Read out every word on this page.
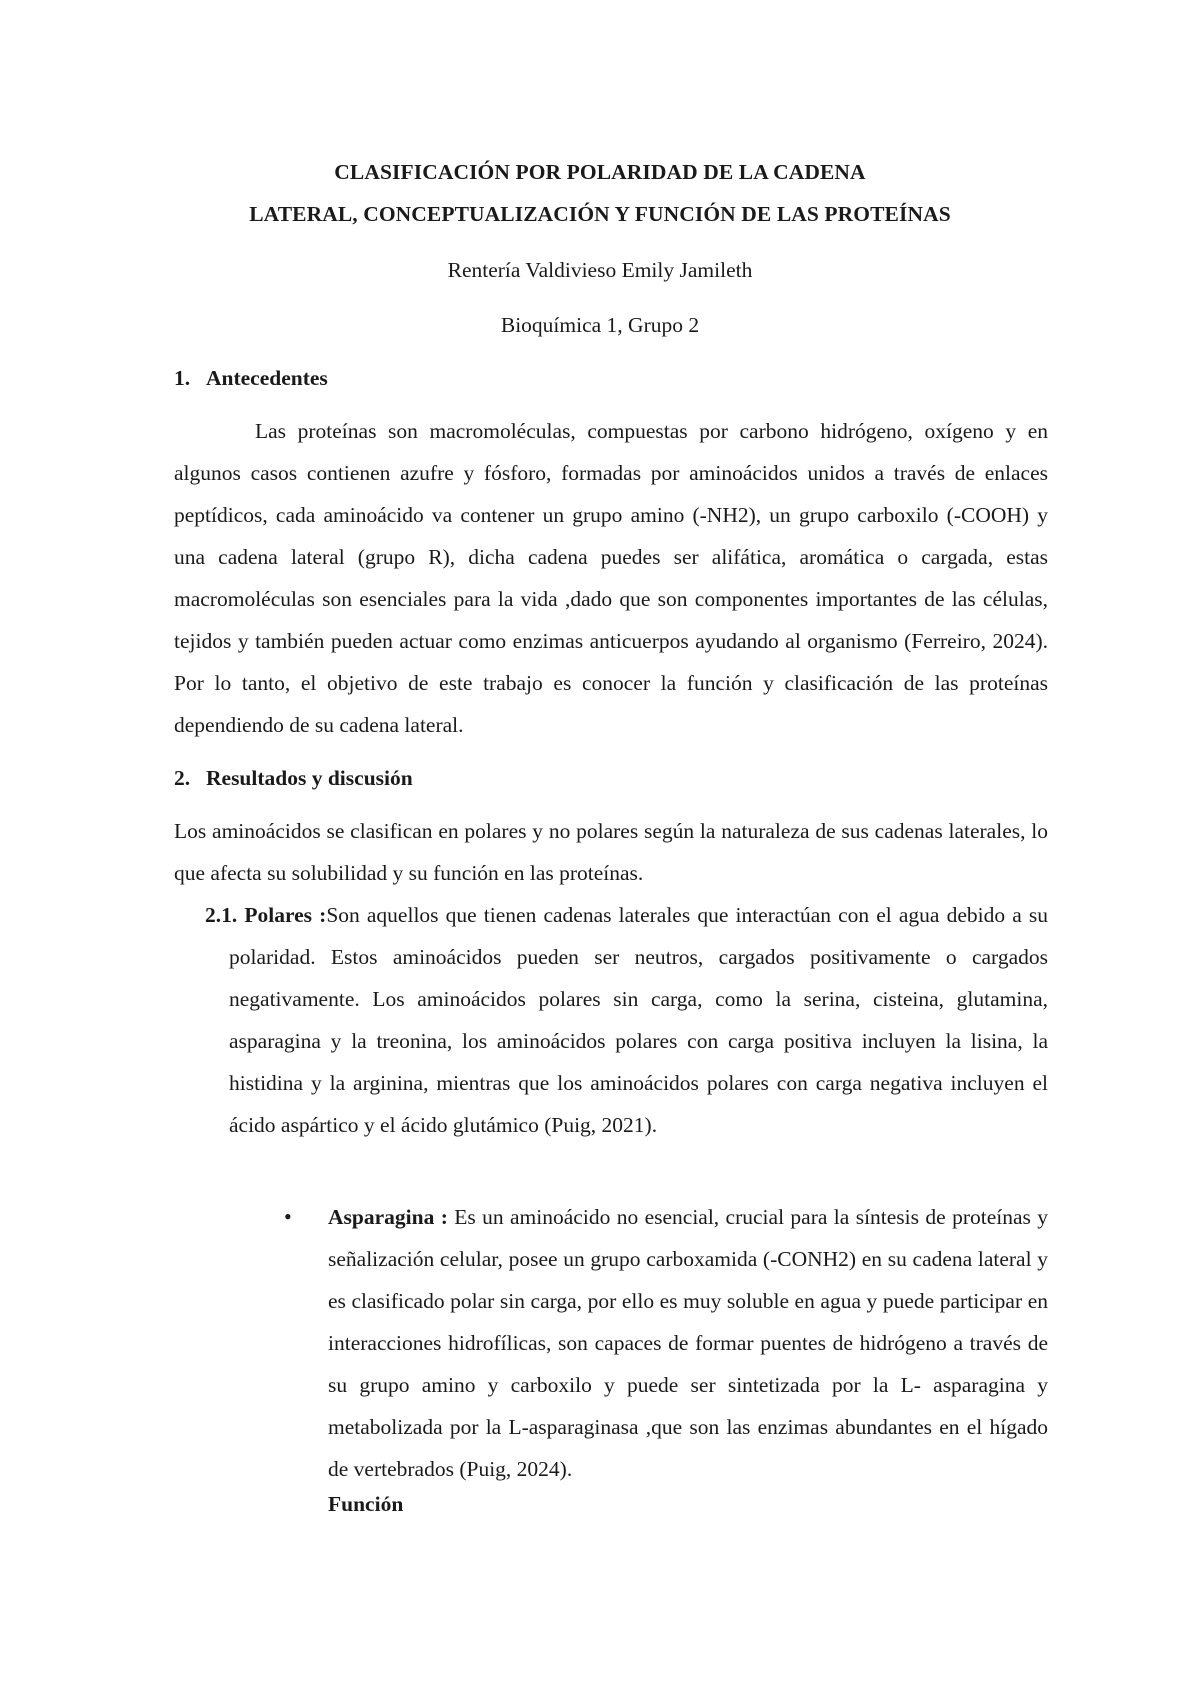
CLASIFICACIÓN POR POLARIDAD DE LA CADENA
LATERAL, CONCEPTUALIZACIÓN Y FUNCIÓN DE LAS PROTEÍNAS
Rentería Valdivieso Emily Jamileth
Bioquímica 1, Grupo 2
1. Antecedentes

Las proteínas son macromoléculas, compuestas por carbono hidrógeno, oxígeno y en algunos casos contienen azufre y fósforo, formadas por aminoácidos unidos a través de enlaces peptídicos, cada aminoácido va contener un grupo amino (-NH2), un grupo carboxilo (-COOH) y una cadena lateral (grupo R), dicha cadena puedes ser alifática, aromática o cargada, estas macromoléculas son esenciales para la vida ,dado que son componentes importantes de las células, tejidos y también pueden actuar como enzimas anticuerpos ayudando al organismo (Ferreiro, 2024). Por lo tanto, el objetivo de este trabajo es conocer la función y clasificación de las proteínas dependiendo de su cadena lateral.

2. Resultados y discusión

Los aminoácidos se clasifican en polares y no polares según la naturaleza de sus cadenas laterales, lo que afecta su solubilidad y su función en las proteínas.

2.1. Polares :Son aquellos que tienen cadenas laterales que interactúan con el agua debido a su polaridad. Estos aminoácidos pueden ser neutros, cargados positivamente o cargados negativamente. Los aminoácidos polares sin carga, como la serina, cisteina, glutamina, asparagina y la treonina, los aminoácidos polares con carga positiva incluyen la lisina, la histidina y la arginina, mientras que los aminoácidos polares con carga negativa incluyen el ácido aspártico y el ácido glutámico (Puig, 2021).

• Asparagina : Es un aminoácido no esencial, crucial para la síntesis de proteínas y señalización celular, posee un grupo carboxamida (-CONH2) en su cadena lateral y es clasificado polar sin carga, por ello es muy soluble en agua y puede participar en interacciones hidrofílicas, son capaces de formar puentes de hidrógeno a través de su grupo amino y carboxilo y puede ser sintetizada por la L- asparagina y metabolizada por la L-asparaginasa ,que son las enzimas abundantes en el hígado de vertebrados (Puig, 2024).

Función
